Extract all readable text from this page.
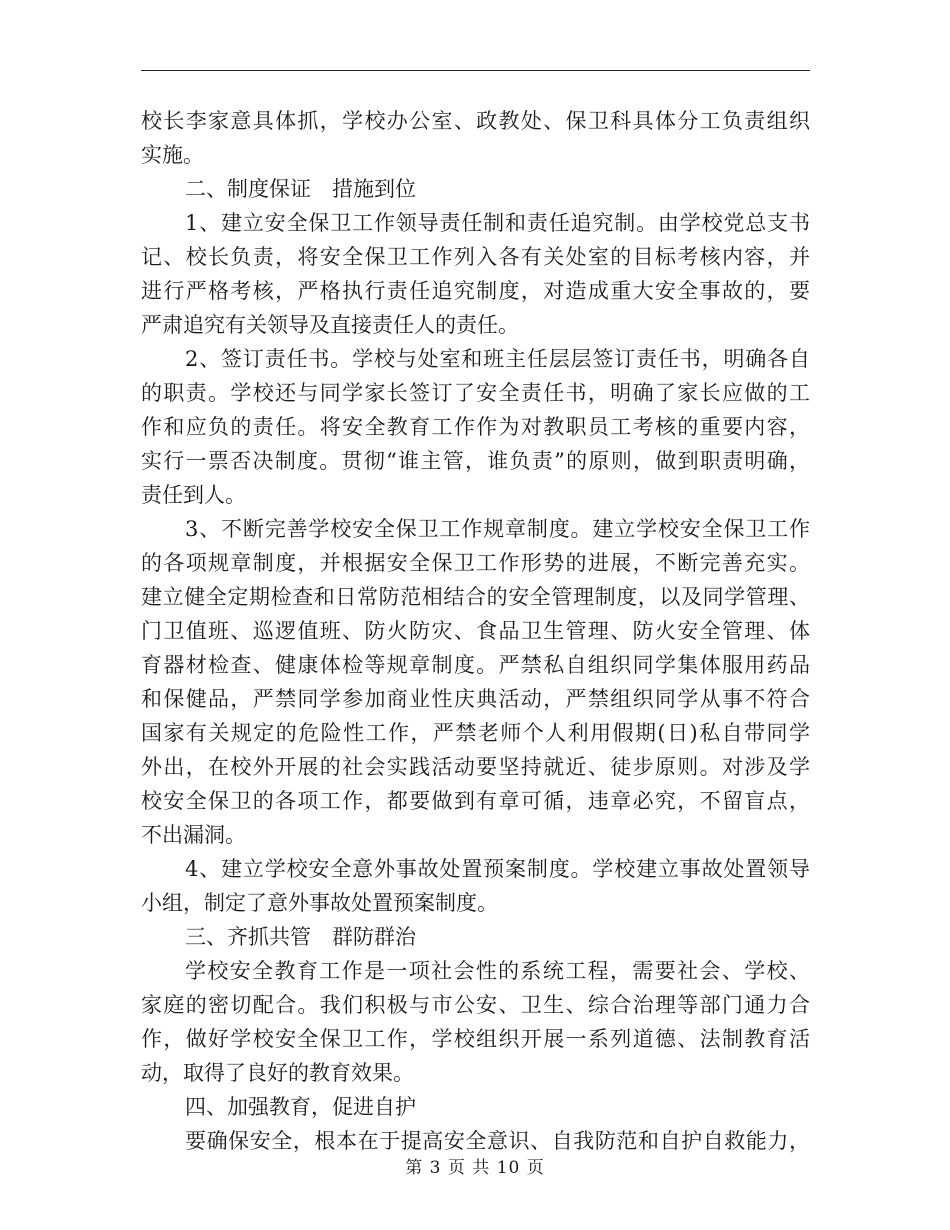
校长李家意具体抓，学校办公室、政教处、保卫科具体分工负责组织
实施。
二、制度保证　措施到位
1、建立安全保卫工作领导责任制和责任追究制。由学校党总支书
记、校长负责，将安全保卫工作列入各有关处室的目标考核内容，并
进行严格考核，严格执行责任追究制度，对造成重大安全事故的，要
严肃追究有关领导及直接责任人的责任。
2、签订责任书。学校与处室和班主任层层签订责任书，明确各自
的职责。学校还与同学家长签订了安全责任书，明确了家长应做的工
作和应负的责任。将安全教育工作作为对教职员工考核的重要内容，
实行一票否决制度。贯彻“谁主管，谁负责”的原则，做到职责明确，
责任到人。
3、不断完善学校安全保卫工作规章制度。建立学校安全保卫工作
的各项规章制度，并根据安全保卫工作形势的进展，不断完善充实。
建立健全定期检查和日常防范相结合的安全管理制度，以及同学管理、
门卫值班、巡逻值班、防火防灾、食品卫生管理、防火安全管理、体
育器材检查、健康体检等规章制度。严禁私自组织同学集体服用药品
和保健品，严禁同学参加商业性庆典活动，严禁组织同学从事不符合
国家有关规定的危险性工作，严禁老师个人利用假期(日)私自带同学
外出，在校外开展的社会实践活动要坚持就近、徒步原则。对涉及学
校安全保卫的各项工作，都要做到有章可循，违章必究，不留盲点，
不出漏洞。
4、建立学校安全意外事故处置预案制度。学校建立事故处置领导
小组，制定了意外事故处置预案制度。
三、齐抓共管　群防群治
学校安全教育工作是一项社会性的系统工程，需要社会、学校、
家庭的密切配合。我们积极与市公安、卫生、综合治理等部门通力合
作，做好学校安全保卫工作，学校组织开展一系列道德、法制教育活
动，取得了良好的教育效果。
四、加强教育，促进自护
要确保安全，根本在于提高安全意识、自我防范和自护自救能力，
第 3 页 共 10 页
